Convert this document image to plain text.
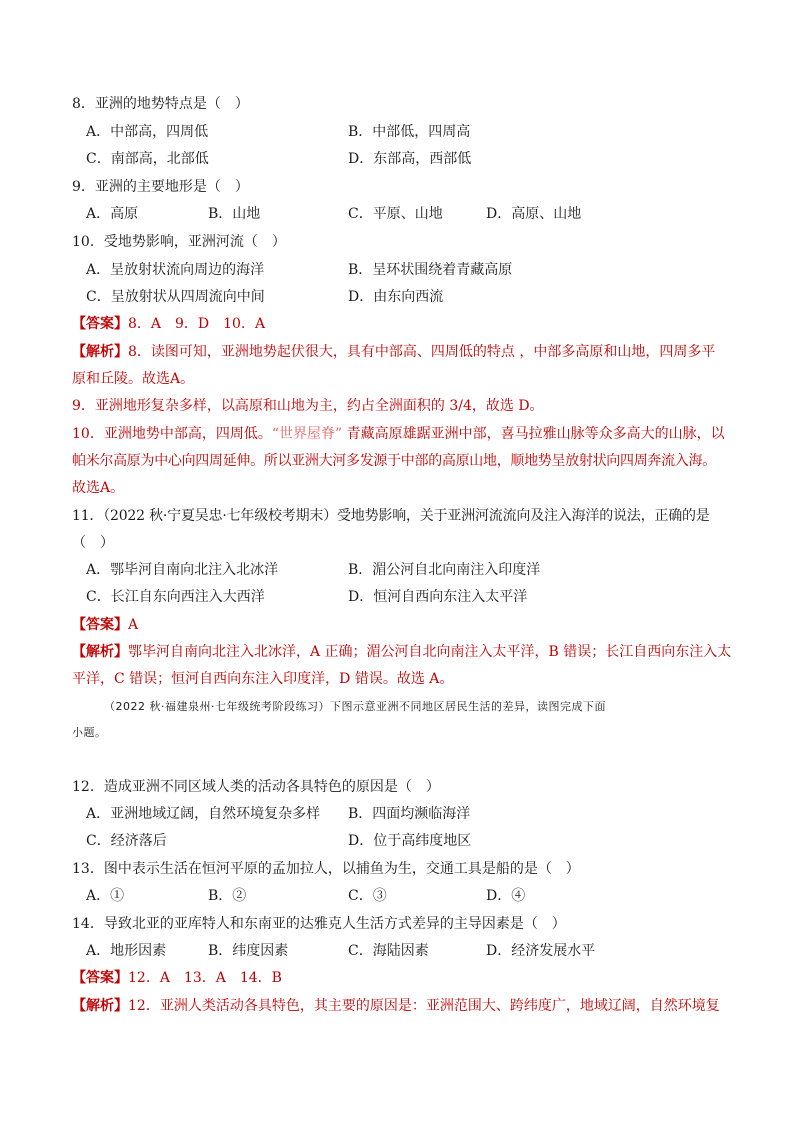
8．亚洲的地势特点是（　）
A．中部高，四周低	B．中部低，四周高
C．南部高，北部低	D．东部高，西部低
9．亚洲的主要地形是（　）
A．高原	B．山地	C．平原、山地	D．高原、山地
10．受地势影响，亚洲河流（　）
A．呈放射状流向周边的海洋	B．呈环状围绕着青藏高原
C．呈放射状从四周流向中间	D．由东向西流
【答案】8．A　9．D　10．A
【解析】8．读图可知，亚洲地势起伏很大，具有中部高、四周低的特点 ，中部多高原和山地，四周多平
原和丘陵。故选A。
9．亚洲地形复杂多样，以高原和山地为主，约占全洲面积的 3/4，故选 D。
10．亚洲地势中部高，四周低。“世界屋脊” 青藏高原雄踞亚洲中部，喜马拉雅山脉等众多高大的山脉，以
帕米尔高原为中心向四周延伸。所以亚洲大河多发源于中部的高原山地，顺地势呈放射状向四周奔流入海。
故选A。
11．（2022 秋·宁夏吴忠·七年级校考期末）受地势影响，关于亚洲河流流向及注入海洋的说法，正确的是
（　）
A．鄂毕河自南向北注入北冰洋	B．湄公河自北向南注入印度洋
C．长江自东向西注入大西洋	D．恒河自西向东注入太平洋
【答案】A
【解析】鄂毕河自南向北注入北冰洋，A 正确；湄公河自北向南注入太平洋，B 错误；长江自西向东注入太
平洋，C 错误；恒河自西向东注入印度洋，D 错误。故选 A。
（2022 秋·福建泉州·七年级统考阶段练习）下图示意亚洲不同地区居民生活的差异，读图完成下面
小题。
12．造成亚洲不同区域人类的活动各具特色的原因是（　）
A．亚洲地域辽阔，自然环境复杂多样 B．四面均濒临海洋
C．经济落后	D．位于高纬度地区
13．图中表示生活在恒河平原的孟加拉人，以捕鱼为生，交通工具是船的是（　）
A．①	B．②	C．③	D．④
14．导致北亚的亚库特人和东南亚的达雅克人生活方式差异的主导因素是（　）
A．地形因素	B．纬度因素	C．海陆因素	D．经济发展水平
【答案】12．A　13．A　14．B
【解析】12．亚洲人类活动各具特色，其主要的原因是：亚洲范围大、跨纬度广，地域辽阔，自然环境复
